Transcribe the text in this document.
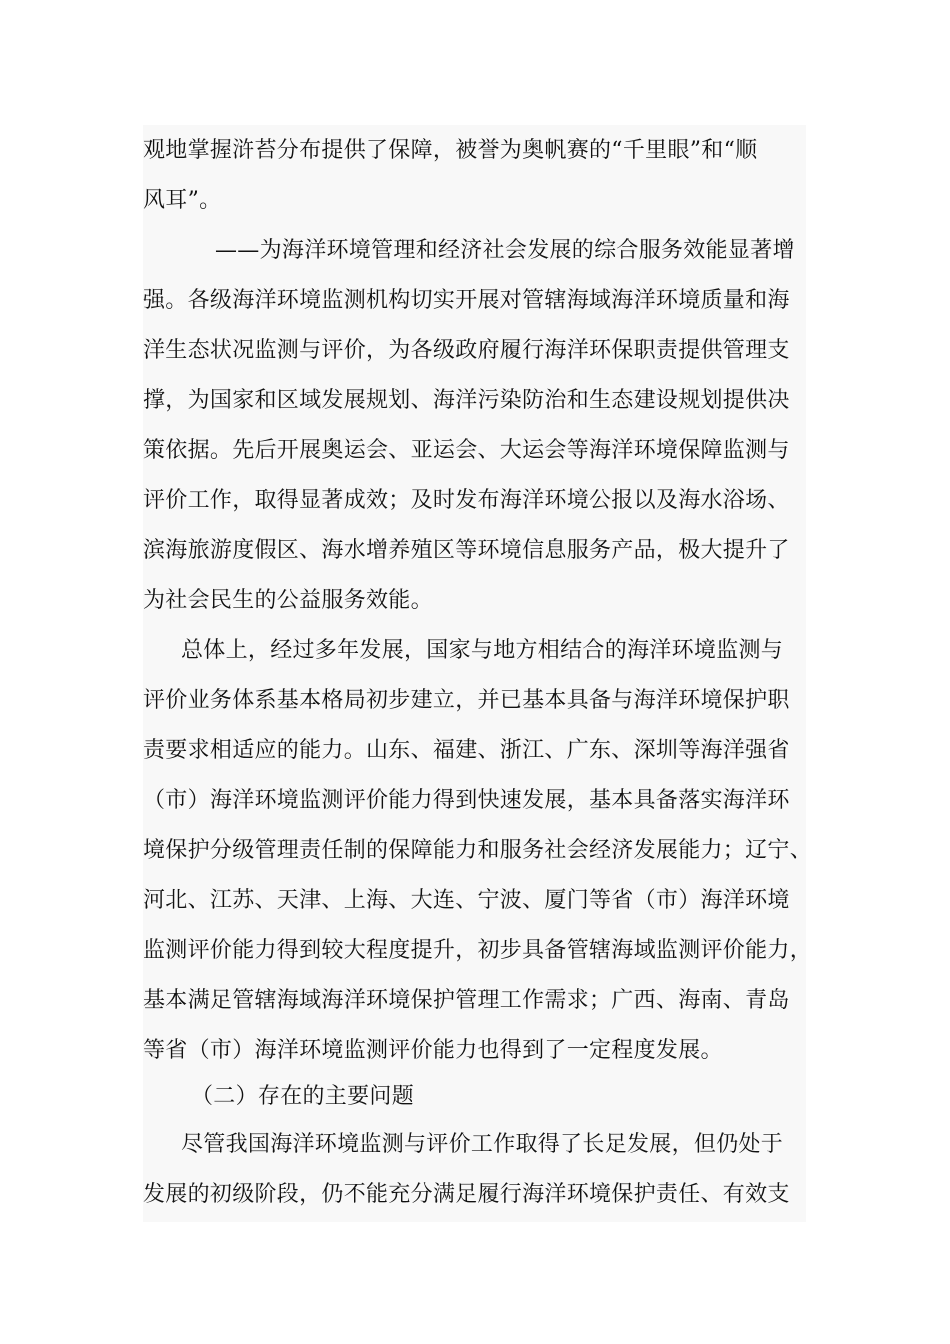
观地掌握浒苔分布提供了保障，被誉为奥帆赛的“千里眼”和“顺
风耳”。
——为海洋环境管理和经济社会发展的综合服务效能显著增
强。各级海洋环境监测机构切实开展对管辖海域海洋环境质量和海
洋生态状况监测与评价，为各级政府履行海洋环保职责提供管理支
撑，为国家和区域发展规划、海洋污染防治和生态建设规划提供决
策依据。先后开展奥运会、亚运会、大运会等海洋环境保障监测与
评价工作，取得显著成效；及时发布海洋环境公报以及海水浴场、
滨海旅游度假区、海水增养殖区等环境信息服务产品，极大提升了
为社会民生的公益服务效能。
总体上，经过多年发展，国家与地方相结合的海洋环境监测与
评价业务体系基本格局初步建立，并已基本具备与海洋环境保护职
责要求相适应的能力。山东、福建、浙江、广东、深圳等海洋强省
（市）海洋环境监测评价能力得到快速发展，基本具备落实海洋环
境保护分级管理责任制的保障能力和服务社会经济发展能力；辽宁、
河北、江苏、天津、上海、大连、宁波、厦门等省（市）海洋环境
监测评价能力得到较大程度提升，初步具备管辖海域监测评价能力，
基本满足管辖海域海洋环境保护管理工作需求；广西、海南、青岛
等省（市）海洋环境监测评价能力也得到了一定程度发展。
（二）存在的主要问题
尽管我国海洋环境监测与评价工作取得了长足发展，但仍处于
发展的初级阶段，仍不能充分满足履行海洋环境保护责任、有效支
